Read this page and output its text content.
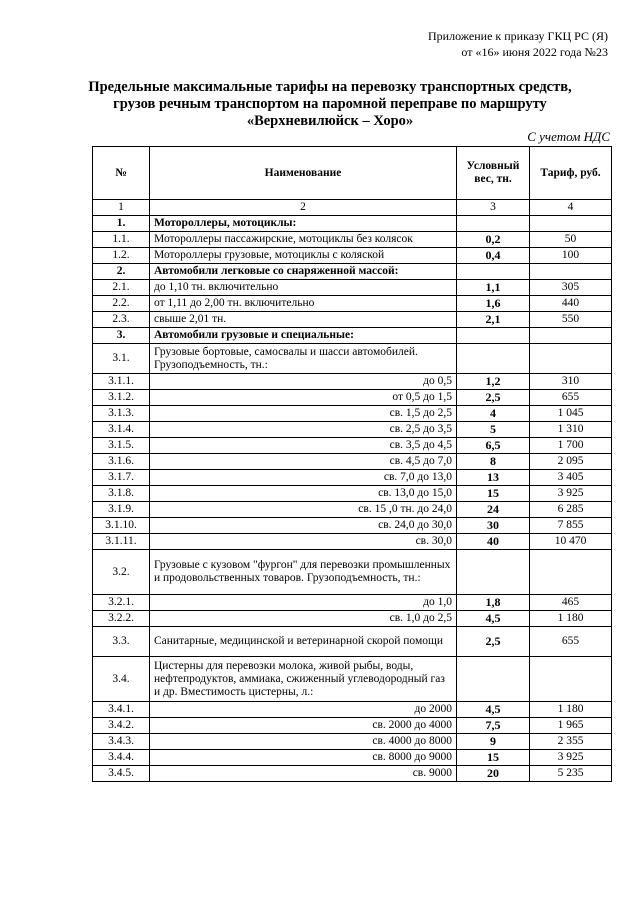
Приложение к приказу ГКЦ РС (Я)
от «16» июня 2022 года №23
Предельные максимальные тарифы на перевозку транспортных средств,
грузов речным транспортом на паромной переправе по маршруту
«Верхневилюйск – Хоро»
С учетом НДС
№	Наименование	Условный вес, тн.	Тариф, руб.
1	2	3	4
1.	Мотороллеры, мотоциклы:		
1.1.	Мотороллеры пассажирские, мотоциклы без колясок	0,2	50
1.2.	Мотороллеры грузовые, мотоциклы с коляской	0,4	100
2.	Автомобили легковые со снаряженной массой:		
2.1.	до 1,10 тн. включительно	1,1	305
2.2.	от 1,11 до 2,00 тн. включительно	1,6	440
2.3.	свыше 2,01 тн.	2,1	550
3.	Автомобили грузовые и специальные:		
3.1.	Грузовые бортовые, самосвалы и шасси автомобилей. Грузоподъемность, тн.:		
3.1.1.	до 0,5	1,2	310
3.1.2.	от 0,5 до 1,5	2,5	655
3.1.3.	св. 1,5 до 2,5	4	1 045
3.1.4.	св. 2,5 до 3,5	5	1 310
3.1.5.	св. 3,5 до 4,5	6,5	1 700
3.1.6.	св. 4,5 до 7,0	8	2 095
3.1.7.	св. 7,0 до 13,0	13	3 405
3.1.8.	св. 13,0 до 15,0	15	3 925
3.1.9.	св. 15 ,0 тн. до 24,0	24	6 285
3.1.10.	св. 24,0 до 30,0	30	7 855
3.1.11.	св. 30,0	40	10 470
3.2.	Грузовые с кузовом "фургон" для перевозки промышленных и продовольственных товаров. Грузоподъемность, тн.:		
3.2.1.	до 1,0	1,8	465
3.2.2.	св. 1,0 до 2,5	4,5	1 180
3.3.	Санитарные, медицинской и ветеринарной скорой помощи	2,5	655
3.4.	Цистерны для перевозки молока, живой рыбы, воды, нефтепродуктов, аммиака, сжиженный углеводородный газ и др. Вместимость цистерны, л.:		
3.4.1.	до 2000	4,5	1 180
3.4.2.	св. 2000 до 4000	7,5	1 965
3.4.3.	св. 4000 до 8000	9	2 355
3.4.4.	св. 8000 до 9000	15	3 925
3.4.5.	св. 9000	20	5 235
